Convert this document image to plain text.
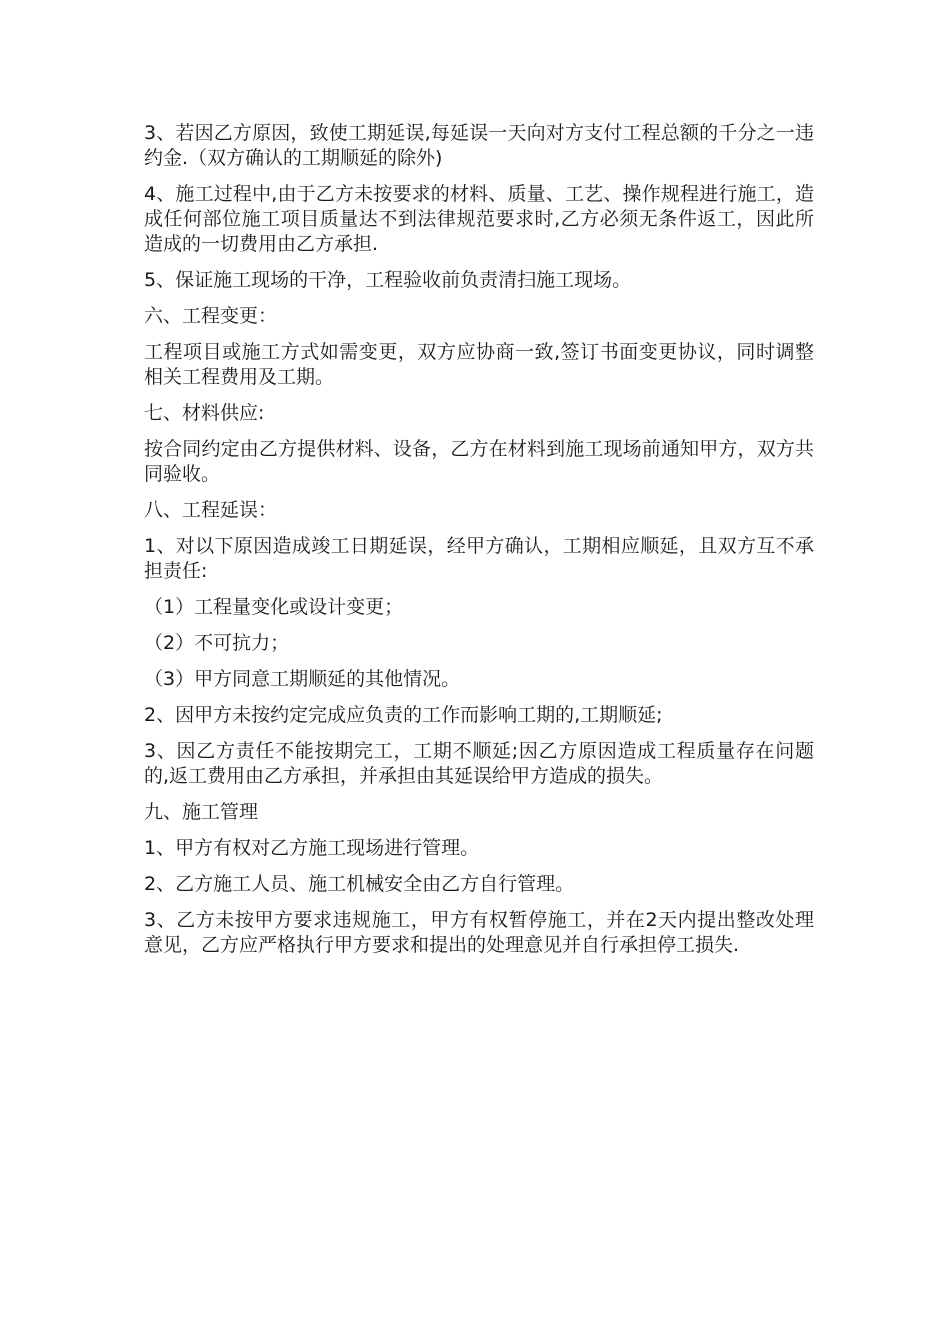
3、若因乙方原因，致使工期延误,每延误一天向对方支付工程总额的千分之一违约金.（双方确认的工期顺延的除外)

4、施工过程中,由于乙方未按要求的材料、质量、工艺、操作规程进行施工，造成任何部位施工项目质量达不到法律规范要求时,乙方必须无条件返工，因此所造成的一切费用由乙方承担.

5、保证施工现场的干净，工程验收前负责清扫施工现场。

六、工程变更：

工程项目或施工方式如需变更，双方应协商一致,签订书面变更协议，同时调整相关工程费用及工期。

七、材料供应:

按合同约定由乙方提供材料、设备，乙方在材料到施工现场前通知甲方，双方共同验收。

八、工程延误：

1、对以下原因造成竣工日期延误，经甲方确认，工期相应顺延，且双方互不承担责任:

（1）工程量变化或设计变更；

（2）不可抗力；

（3）甲方同意工期顺延的其他情况。

2、因甲方未按约定完成应负责的工作而影响工期的,工期顺延;

3、因乙方责任不能按期完工，工期不顺延;因乙方原因造成工程质量存在问题的,返工费用由乙方承担，并承担由其延误给甲方造成的损失。

九、施工管理

1、甲方有权对乙方施工现场进行管理。

2、乙方施工人员、施工机械安全由乙方自行管理。

3、乙方未按甲方要求违规施工，甲方有权暂停施工，并在2天内提出整改处理意见，乙方应严格执行甲方要求和提出的处理意见并自行承担停工损失.
